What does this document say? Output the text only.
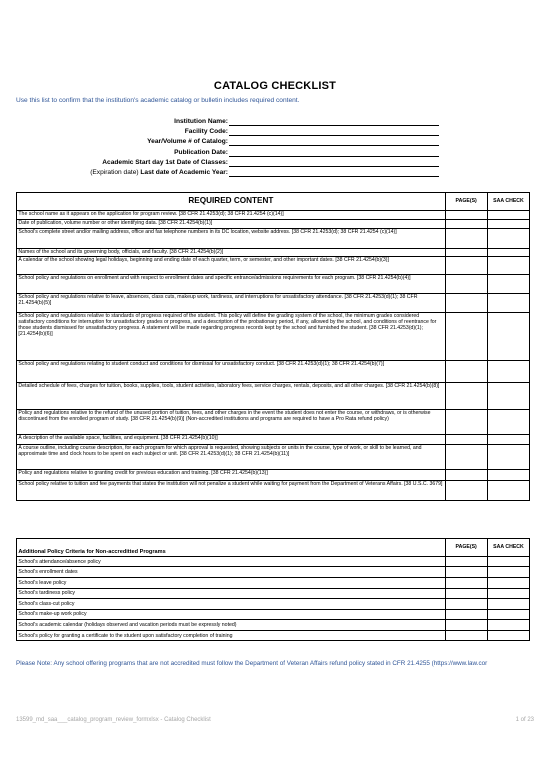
CATALOG CHECKLIST
Use this list to confirm that the institution's academic catalog or bulletin includes required content.
Institution Name:
Facility Code:
Year/Volume # of Catalog:
Publication Date:
Academic Start day 1st Date of Classes:
(Expiration date) Last date of Academic Year:
REQUIRED CONTENT	PAGE(S)	SAA CHECK
The school name as it appears on the application for program review. [38 CFR 21.4253(d); 38 CFR 21.4254 (c)(14)]		
Date of publication, volume number or other identifying data. [38 CFR 21.4254(b)(1)]		
School's complete street and/or mailing address, office and fax telephone numbers in its DC location, website address. [38 CFR 21.4253(d); 38 CFR 21.4254 (c)(14)]		
Names of the school and its governing body, officials, and faculty. [38 CFR 21.4254(b)(2)]		
A calendar of the school showing legal holidays, beginning and ending date of each quarter, term, or semester, and other important dates. [38 CFR 21.4254(b)(3)]		
School policy and regulations on enrollment and with respect to enrollment dates and specific entrance/admissions requirements for each program. [38 CFR 21.4254(b)(4)]		
School policy and regulations relative to leave, absences, class cuts, makeup work, tardiness, and interruptions for unsatisfactory attendance. [38 CFR 21.4253(d)(1); 38 CFR 21.4254(b)(5)]		
School policy and regulations relative to standards of progress required of the student. This policy will define the grading system of the school, the minimum grades considered satisfactory conditions for interruption for unsatisfactory grades or progress, and a description of the probationary period, if any, allowed by the school, and conditions of reentrance for those students dismissed for unsatisfactory progress. A statement will be made regarding progress records kept by the school and furnished the student. [38 CFR 21.4253(d)(1); [21.4254(b)(6)]		
School policy and regulations relating to student conduct and conditions for dismissal for unsatisfactory conduct. [38 CFR 21.4253(d)(1); 38 CFR 21.4254(b)(7)]		
Detailed schedule of fees, charges for tuition, books, supplies, tools, student activities, laboratory fees, service charges, rentals, deposits, and all other charges. [38 CFR 21.4254(b)(8)]		
Policy and regulations relative to the refund of the unused portion of tuition, fees, and other charges in the event the student does not enter the course, or withdraws, or is otherwise discontinued from the enrolled program of study. [38 CFR 21.4254(b)(9)] (Non-accredited institutions and programs are required to have a Pro Rata refund policy)		
A description of the available space, facilities, and equipment. [38 CFR 21.4254(b)(10)]		
A course outline, including course description, for each program for which approval is requested, showing subjects or units in the course, type of work, or skill to be learned, and approximate time and clock hours to be spent on each subject or unit. [38 CFR 21.4253(d)(1); 38 CFR 21.4254(b)(11)]		
Policy and regulations relative to granting credit for previous education and training. [38 CFR 21.4254(b)(13)]		
School policy relative to tuition and fee payments that states the institution will not penalize a student while waiting for payment from the Department of Veterans Affairs. [38 U.S.C. 3679]		
Additional Policy Criteria for Non-accreditted Programs	PAGE(S)	SAA CHECK
School's attendance/absence policy		
School's enrollment dates		
School's leave policy		
School's tardiness policy		
School's class-cut policy		
School's make-up work policy		
School's academic calendar (holidays observed and vacation periods must be expressly noted)		
School's policy for granting a certificate to the student upon satisfactory completion of training		
Please Note: Any school offering programs that are not accredited must follow the Department of Veteran Affairs refund policy stated in CFR 21.4255 (https://www.law.cor
13599_md_saa___catalog_program_review_formxlsx - Catalog Checklist	1 of 23
